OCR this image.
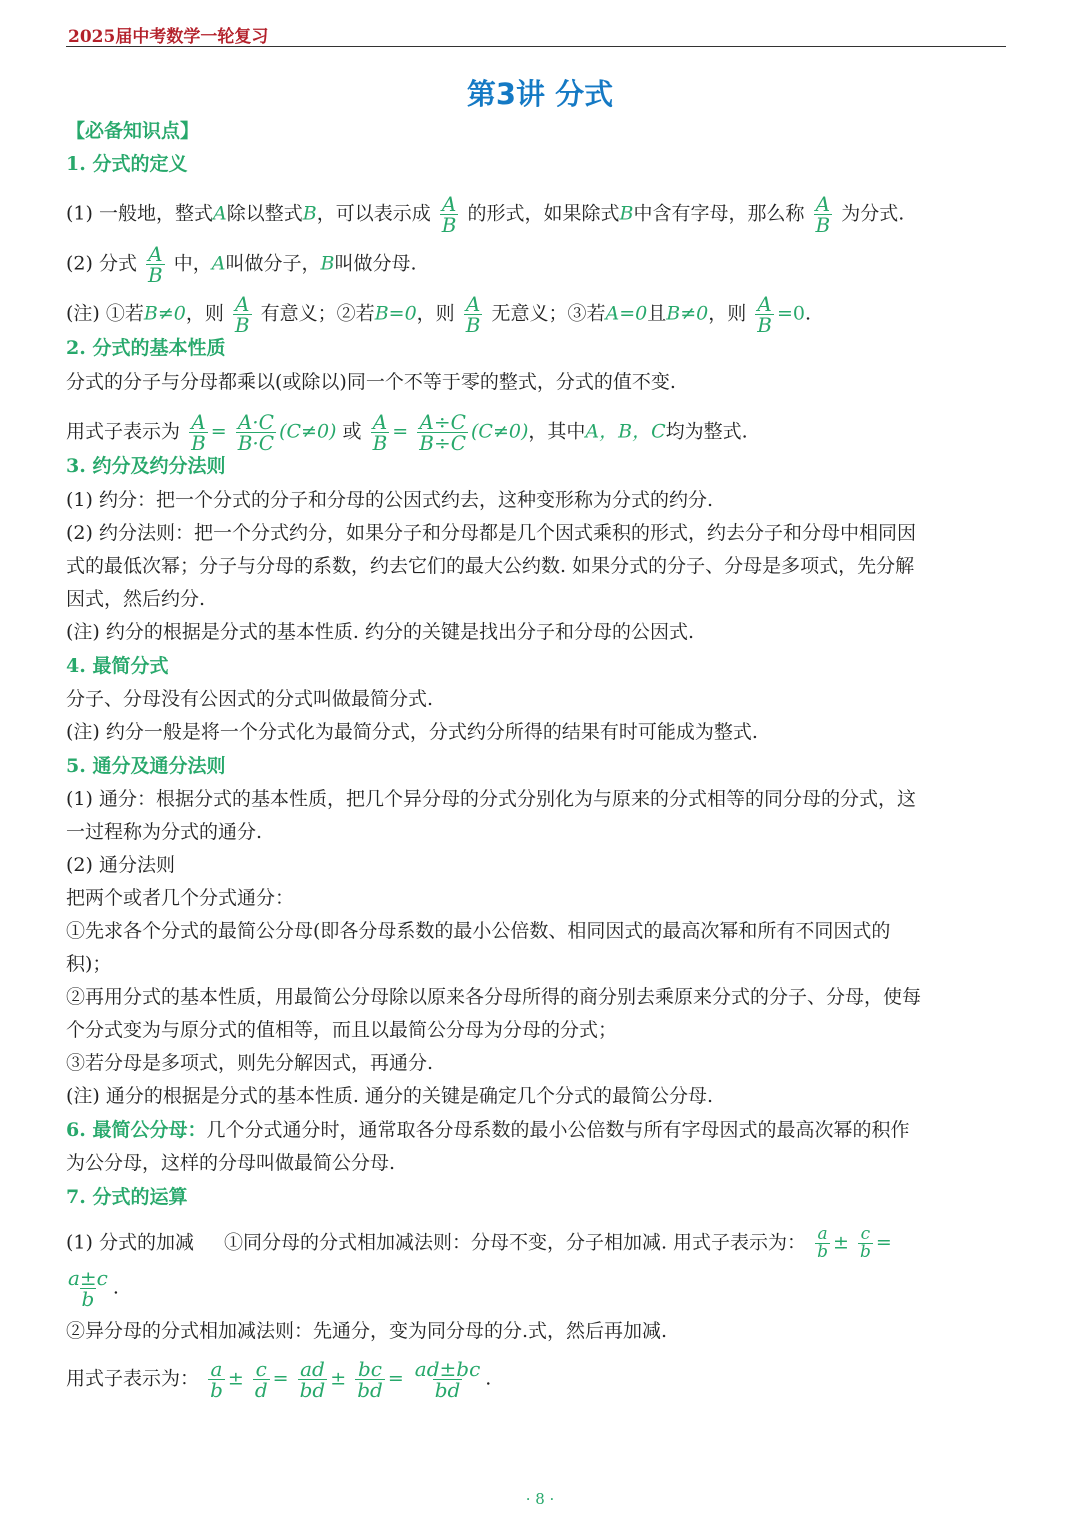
2025届中考数学一轮复习
第3讲 分式
【必备知识点】
1. 分式的定义
(1) 一般地，整式A除以整式B，可以表示成 $\frac{A}{B}$ 的形式，如果除式B中含有字母，那么称 $\frac{A}{B}$ 为分式.
(2) 分式 $\frac{A}{B}$ 中，A叫做分子，B叫做分母.
(注) ①若B≠0，则 $\frac{A}{B}$ 有意义；②若B=0，则 $\frac{A}{B}$ 无意义；③若A=0且B≠0，则 $\frac{A}{B} =0$.
2. 分式的基本性质
分式的分子与分母都乘以(或除以)同一个不等于零的整式，分式的值不变.
用式子表示为 $\frac{A}{B} = \frac{A\cdot C}{B\cdot C} (C\ne 0)$ 或 $\frac{A}{B} = \frac{A\div C}{B\div C} (C\ne 0)$，其中A，B，C均为整式.
3. 约分及约分法则
(1) 约分：把一个分式的分子和分母的公因式约去，这种变形称为分式的约分.
(2) 约分法则：把一个分式约分，如果分子和分母都是几个因式乘积的形式，约去分子和分母中相同因
式的最低次幂；分子与分母的系数，约去它们的最大公约数. 如果分式的分子、分母是多项式，先分解
因式，然后约分.
(注) 约分的根据是分式的基本性质. 约分的关键是找出分子和分母的公因式.
4. 最简分式
分子、分母没有公因式的分式叫做最简分式.
(注) 约分一般是将一个分式化为最简分式，分式约分所得的结果有时可能成为整式.
5. 通分及通分法则
(1) 通分：根据分式的基本性质，把几个异分母的分式分别化为与原来的分式相等的同分母的分式，这
一过程称为分式的通分.
(2) 通分法则
把两个或者几个分式通分：
①先求各个分式的最简公分母(即各分母系数的最小公倍数、相同因式的最高次幂和所有不同因式的
积)；
②再用分式的基本性质，用最简公分母除以原来各分母所得的商分别去乘原来分式的分子、分母，使每
个分式变为与原分式的值相等，而且以最简公分母为分母的分式；
③若分母是多项式，则先分解因式，再通分.
(注) 通分的根据是分式的基本性质. 通分的关键是确定几个分式的最简公分母.
6. 最简公分母：几个分式通分时，通常取各分母系数的最小公倍数与所有字母因式的最高次幂的积作
为公分母，这样的分母叫做最简公分母.
7. 分式的运算
(1) 分式的加减 ①同分母的分式相加减法则：分母不变，分子相加减. 用式子表示为： $\frac{a}{b} \pm \frac{c}{b}$ =
$\frac{a\pm c}{b}$ .
②异分母的分式相加减法则：先通分，变为同分母的分.式，然后再加减.
用式子表示为： $\frac{a}{b} \pm \frac{c}{d} = \frac{ad}{bd} \pm \frac{bc}{bd} = \frac{ad\pm bc}{bd}$ .
· 8 ·
